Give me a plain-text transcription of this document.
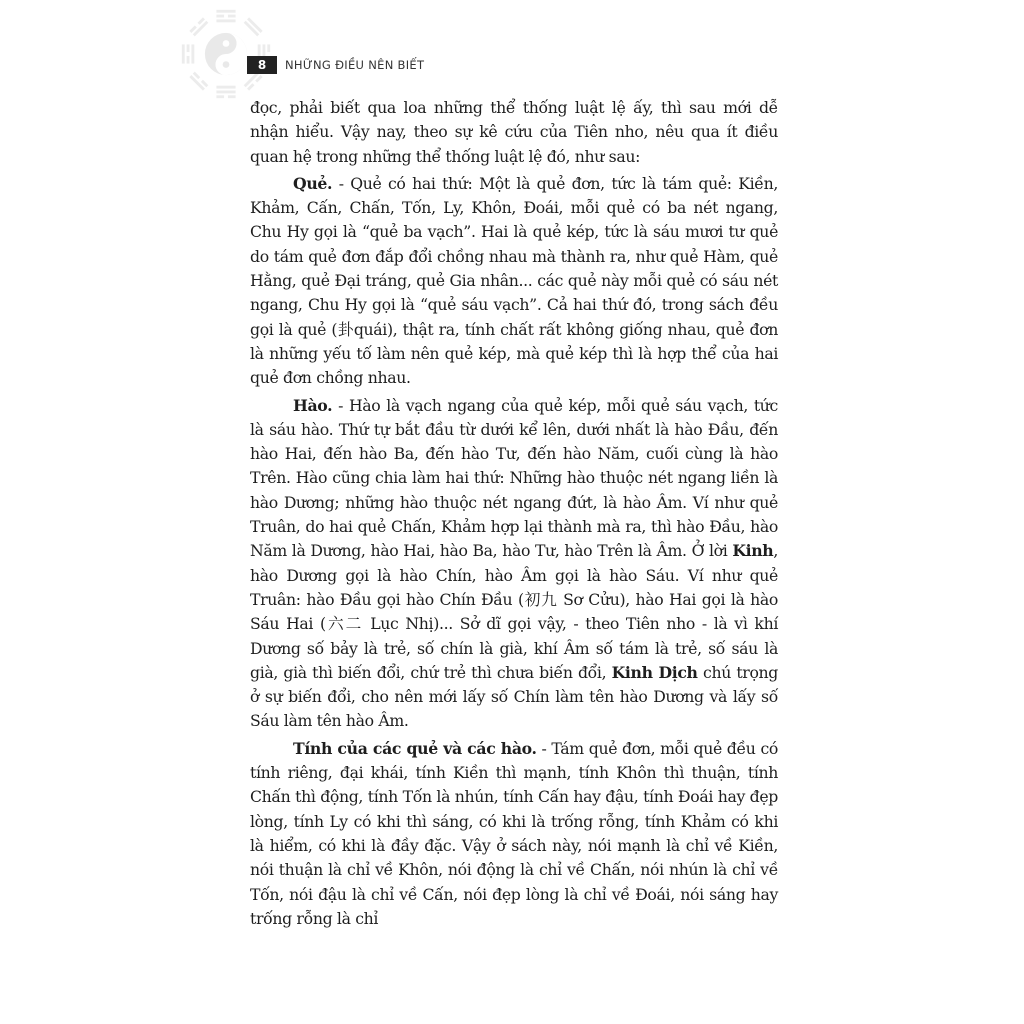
8	NHỮNG ĐIỀU NÊN BIẾT

đọc, phải biết qua loa những thể thống luật lệ ấy, thì sau mới dễ nhận hiểu. Vậy nay, theo sự kê cứu của Tiên nho, nêu qua ít điều quan hệ trong những thể thống luật lệ đó, như sau:

Quẻ. - Quẻ có hai thứ: Một là quẻ đơn, tức là tám quẻ: Kiền, Khảm, Cấn, Chấn, Tốn, Ly, Khôn, Đoái, mỗi quẻ có ba nét ngang, Chu Hy gọi là “quẻ ba vạch”. Hai là quẻ kép, tức là sáu mươi tư quẻ do tám quẻ đơn đắp đổi chồng nhau mà thành ra, như quẻ Hàm, quẻ Hằng, quẻ Đại tráng, quẻ Gia nhân... các quẻ này mỗi quẻ có sáu nét ngang, Chu Hy gọi là “quẻ sáu vạch”. Cả hai thứ đó, trong sách đều gọi là quẻ (卦quái), thật ra, tính chất rất không giống nhau, quẻ đơn là những yếu tố làm nên quẻ kép, mà quẻ kép thì là hợp thể của hai quẻ đơn chồng nhau.

Hào. - Hào là vạch ngang của quẻ kép, mỗi quẻ sáu vạch, tức là sáu hào. Thứ tự bắt đầu từ dưới kể lên, dưới nhất là hào Đầu, đến hào Hai, đến hào Ba, đến hào Tư, đến hào Năm, cuối cùng là hào Trên. Hào cũng chia làm hai thứ: Những hào thuộc nét ngang liền là hào Dương; những hào thuộc nét ngang đứt, là hào Âm. Ví như quẻ Truân, do hai quẻ Chấn, Khảm hợp lại thành mà ra, thì hào Đầu, hào Năm là Dương, hào Hai, hào Ba, hào Tư, hào Trên là Âm. Ở lời Kinh, hào Dương gọi là hào Chín, hào Âm gọi là hào Sáu. Ví như quẻ Truân: hào Đầu gọi hào Chín Đầu (初九 Sơ Cửu), hào Hai gọi là hào Sáu Hai (六二 Lục Nhị)... Sở dĩ gọi vậy, - theo Tiên nho - là vì khí Dương số bảy là trẻ, số chín là già, khí Âm số tám là trẻ, số sáu là già, già thì biến đổi, chứ trẻ thì chưa biến đổi, Kinh Dịch chú trọng ở sự biến đổi, cho nên mới lấy số Chín làm tên hào Dương và lấy số Sáu làm tên hào Âm.

Tính của các quẻ và các hào. - Tám quẻ đơn, mỗi quẻ đều có tính riêng, đại khái, tính Kiền thì mạnh, tính Khôn thì thuận, tính Chấn thì động, tính Tốn là nhún, tính Cấn hay đậu, tính Đoái hay đẹp lòng, tính Ly có khi thì sáng, có khi là trống rỗng, tính Khảm có khi là hiểm, có khi là đầy đặc. Vậy ở sách này, nói mạnh là chỉ về Kiền, nói thuận là chỉ về Khôn, nói động là chỉ về Chấn, nói nhún là chỉ về Tốn, nói đậu là chỉ về Cấn, nói đẹp lòng là chỉ về Đoái, nói sáng hay trống rỗng là chỉ
